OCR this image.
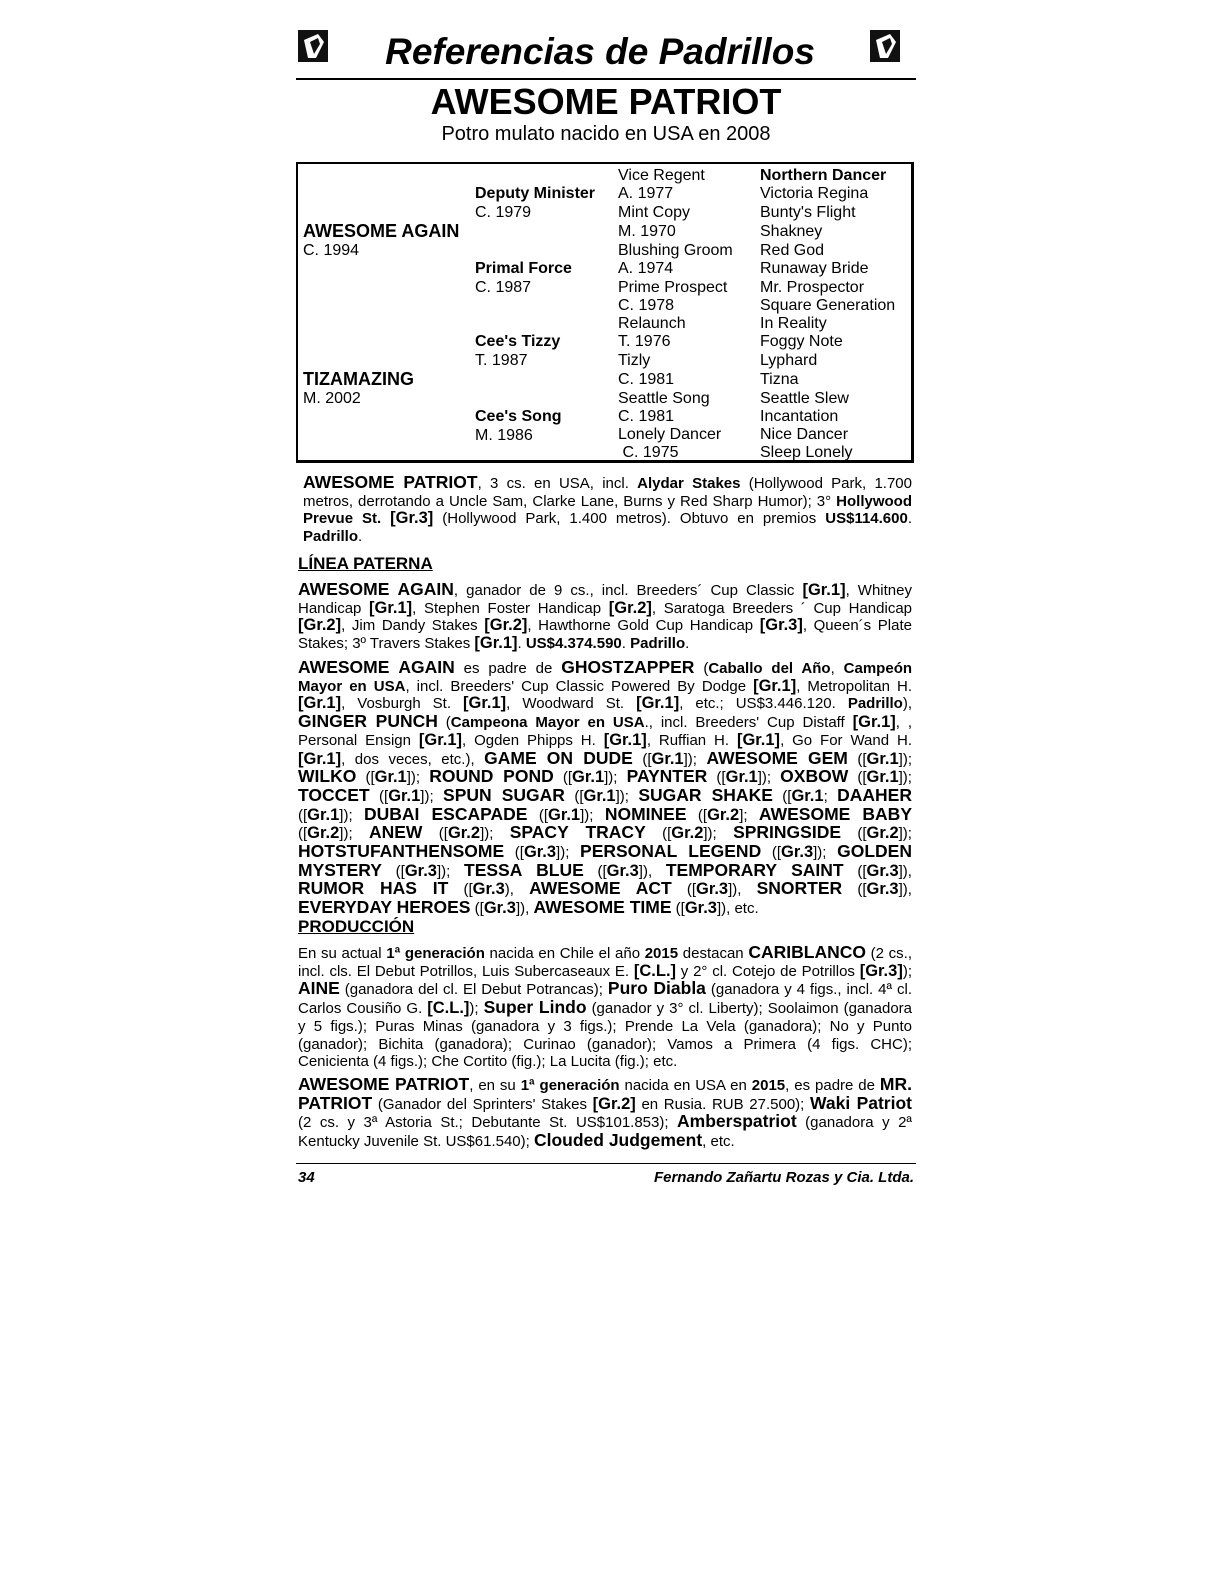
Referencias de Padrillos
AWESOME PATRIOT
Potro mulato nacido en USA en 2008
AWESOME AGAIN
C. 1994
TIZAMAZING
M. 2002
Deputy Minister
C. 1979
Primal Force
C. 1987
Cee's Tizzy
T. 1987
Cee's Song
M. 1986
Vice Regent
A. 1977
Mint Copy
M. 1970
Blushing Groom
A. 1974
Prime Prospect
C. 1978
Relaunch
T. 1976
Tizly
C. 1981
Seattle Song
C. 1981
Lonely Dancer
C. 1975
Northern Dancer
Victoria Regina
Bunty's Flight
Shakney
Red God
Runaway Bride
Mr. Prospector
Square Generation
In Reality
Foggy Note
Lyphard
Tizna
Seattle Slew
Incantation
Nice Dancer
Sleep Lonely
AWESOME PATRIOT, 3 cs. en USA, incl. Alydar Stakes (Hollywood Park, 1.700 metros, derrotando a Uncle Sam, Clarke Lane, Burns y Red Sharp Humor); 3° Hollywood Prevue St. [Gr.3] (Hollywood Park, 1.400 metros). Obtuvo en premios US$114.600. Padrillo.
LÍNEA PATERNA
AWESOME AGAIN, ganador de 9 cs., incl. Breeders´ Cup Classic [Gr.1], Whitney Handicap [Gr.1], Stephen Foster Handicap [Gr.2], Saratoga Breeders ´ Cup Handicap [Gr.2], Jim Dandy Stakes [Gr.2], Hawthorne Gold Cup Handicap [Gr.3], Queen´s Plate Stakes; 3º Travers Stakes [Gr.1]. US$4.374.590. Padrillo.
AWESOME AGAIN es padre de GHOSTZAPPER (Caballo del Año, Campeón Mayor en USA, incl. Breeders' Cup Classic Powered By Dodge [Gr.1], Metropolitan H. [Gr.1], Vosburgh St. [Gr.1], Woodward St. [Gr.1], etc.; US$3.446.120. Padrillo), GINGER PUNCH (Campeona Mayor en USA., incl. Breeders' Cup Distaff [Gr.1], , Personal Ensign [Gr.1], Ogden Phipps H. [Gr.1], Ruffian H. [Gr.1], Go For Wand H. [Gr.1], dos veces, etc.), GAME ON DUDE ([Gr.1]); AWESOME GEM ([Gr.1]); WILKO ([Gr.1]); ROUND POND ([Gr.1]); PAYNTER ([Gr.1]); OXBOW ([Gr.1]); TOCCET ([Gr.1]); SPUN SUGAR ([Gr.1]); SUGAR SHAKE ([Gr.1; DAAHER ([Gr.1]); DUBAI ESCAPADE ([Gr.1]); NOMINEE ([Gr.2]; AWESOME BABY ([Gr.2]); ANEW ([Gr.2]); SPACY TRACY ([Gr.2]); SPRINGSIDE ([Gr.2]); HOTSTUFANTHENSOME ([Gr.3]); PERSONAL LEGEND ([Gr.3]); GOLDEN MYSTERY ([Gr.3]); TESSA BLUE ([Gr.3]), TEMPORARY SAINT ([Gr.3]), RUMOR HAS IT ([Gr.3), AWESOME ACT ([Gr.3]), SNORTER ([Gr.3]), EVERYDAY HEROES ([Gr.3]), AWESOME TIME ([Gr.3]), etc.
PRODUCCIÓN
En su actual 1ª generación nacida en Chile el año 2015 destacan CARIBLANCO (2 cs., incl. cls. El Debut Potrillos, Luis Subercaseaux E. [C.L.] y 2° cl. Cotejo de Potrillos [Gr.3]); AINE (ganadora del cl. El Debut Potrancas); Puro Diabla (ganadora y 4 figs., incl. 4ª cl. Carlos Cousiño G. [C.L.]); Super Lindo (ganador y 3° cl. Liberty); Soolaimon (ganadora y 5 figs.); Puras Minas (ganadora y 3 figs.); Prende La Vela (ganadora); No y Punto (ganador); Bichita (ganadora); Curinao (ganador); Vamos a Primera (4 figs. CHC); Cenicienta (4 figs.); Che Cortito (fig.); La Lucita (fig.); etc.
AWESOME PATRIOT, en su 1ª generación nacida en USA en 2015, es padre de MR. PATRIOT (Ganador del Sprinters' Stakes [Gr.2] en Rusia. RUB 27.500); Waki Patriot (2 cs. y 3ª Astoria St.; Debutante St. US$101.853); Amberspatriot (ganadora y 2ª Kentucky Juvenile St. US$61.540); Clouded Judgement, etc.
34	Fernando Zañartu Rozas y Cia. Ltda.
